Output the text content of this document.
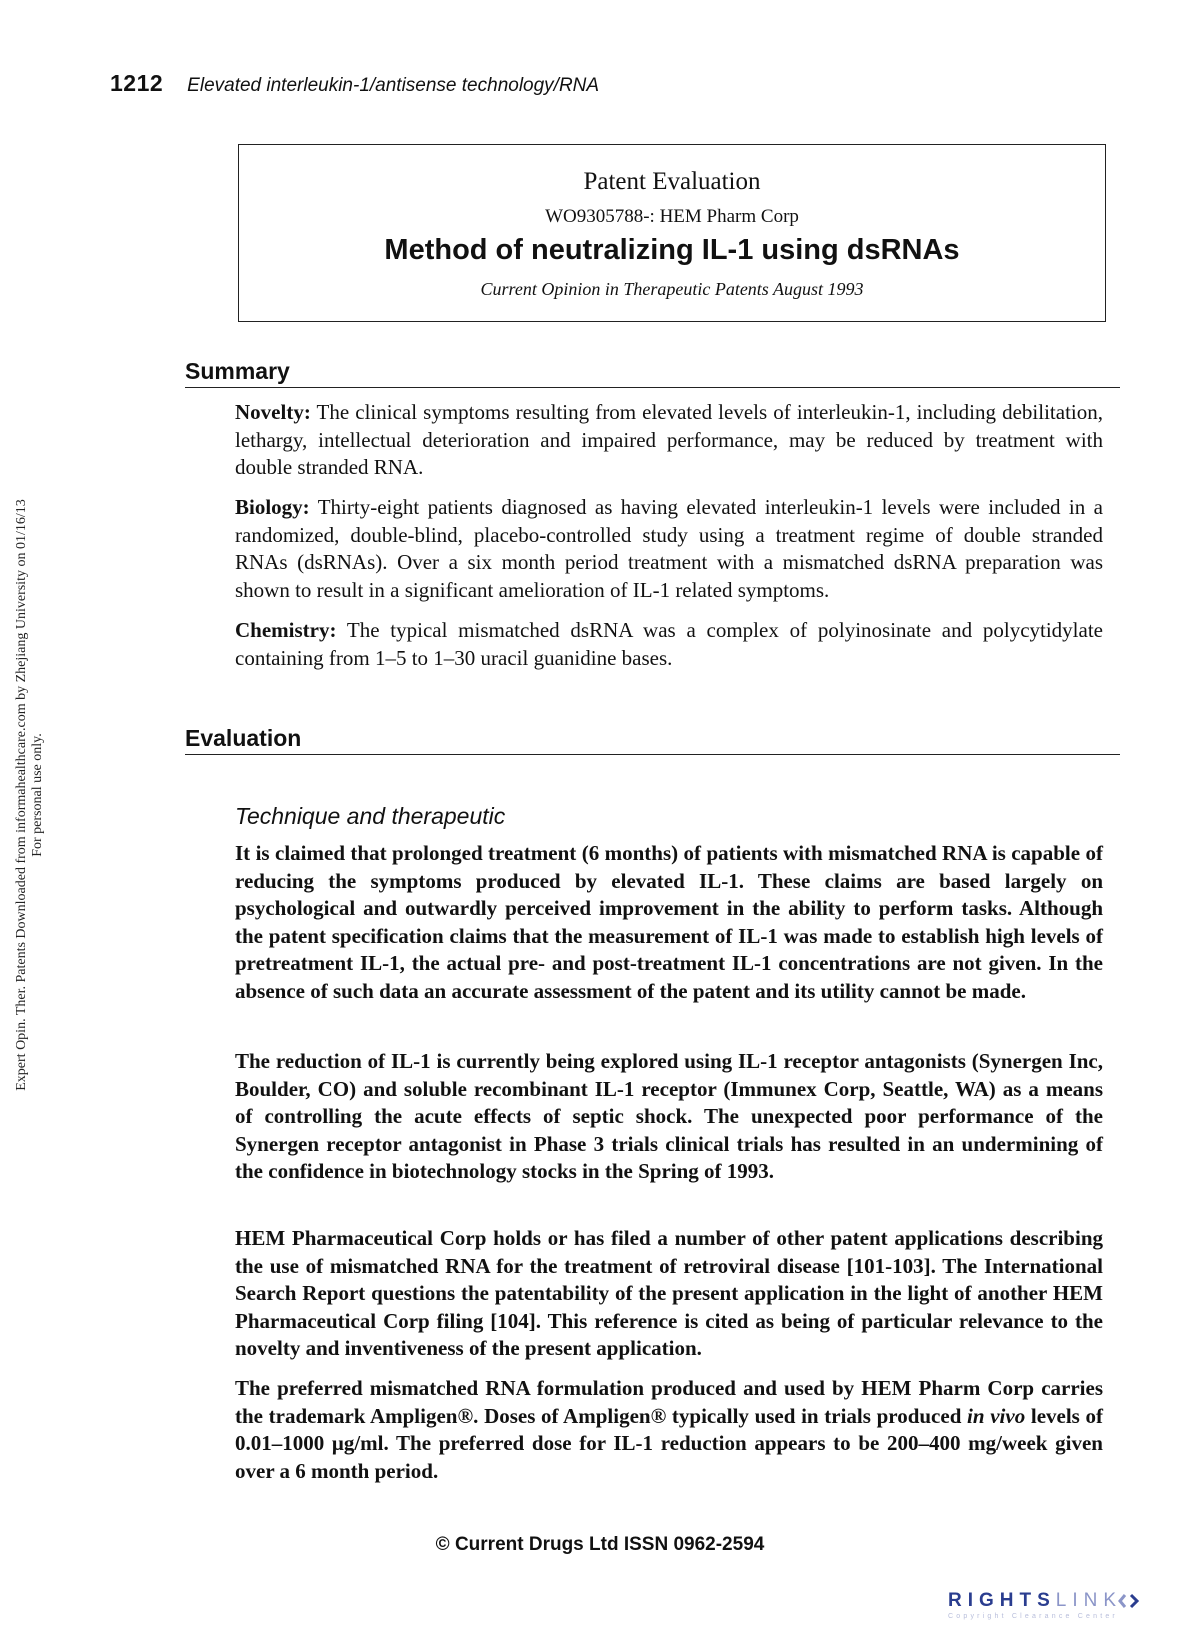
Expert Opin. Ther. Patents Downloaded from informahealthcare.com by Zhejiang University on 01/16/13 For personal use only.
1212 Elevated interleukin-1/antisense technology/RNA
Patent Evaluation
WO9305788-: HEM Pharm Corp
Method of neutralizing IL-1 using dsRNAs
Current Opinion in Therapeutic Patents August 1993
Summary
Novelty: The clinical symptoms resulting from elevated levels of interleukin-1, including debilitation, lethargy, intellectual deterioration and impaired performance, may be reduced by treatment with double stranded RNA.
Biology: Thirty-eight patients diagnosed as having elevated interleukin-1 levels were included in a randomized, double-blind, placebo-controlled study using a treatment regime of double stranded RNAs (dsRNAs). Over a six month period treatment with a mismatched dsRNA preparation was shown to result in a significant amelioration of IL-1 related symptoms.
Chemistry: The typical mismatched dsRNA was a complex of polyinosinate and polycytidylate containing from 1–5 to 1–30 uracil guanidine bases.
Evaluation
Technique and therapeutic
It is claimed that prolonged treatment (6 months) of patients with mismatched RNA is capable of reducing the symptoms produced by elevated IL-1. These claims are based largely on psychological and outwardly perceived improvement in the ability to perform tasks. Although the patent specification claims that the measurement of IL-1 was made to establish high levels of pretreatment IL-1, the actual pre- and post-treatment IL-1 concentrations are not given. In the absence of such data an accurate assessment of the patent and its utility cannot be made.
The reduction of IL-1 is currently being explored using IL-1 receptor antagonists (Synergen Inc, Boulder, CO) and soluble recombinant IL-1 receptor (Immunex Corp, Seattle, WA) as a means of controlling the acute effects of septic shock. The unexpected poor performance of the Synergen receptor antagonist in Phase 3 trials clinical trials has resulted in an undermining of the confidence in biotechnology stocks in the Spring of 1993.
HEM Pharmaceutical Corp holds or has filed a number of other patent applications describing the use of mismatched RNA for the treatment of retroviral disease [101-103]. The International Search Report questions the patentability of the present application in the light of another HEM Pharmaceutical Corp filing [104]. This reference is cited as being of particular relevance to the novelty and inventiveness of the present application.
The preferred mismatched RNA formulation produced and used by HEM Pharm Corp carries the trademark Ampligen®. Doses of Ampligen® typically used in trials produced in vivo levels of 0.01–1000 μg/ml. The preferred dose for IL-1 reduction appears to be 200–400 mg/week given over a 6 month period.
© Current Drugs Ltd ISSN 0962-2594
RIGHTS LINK
Copyright Clearance Center
